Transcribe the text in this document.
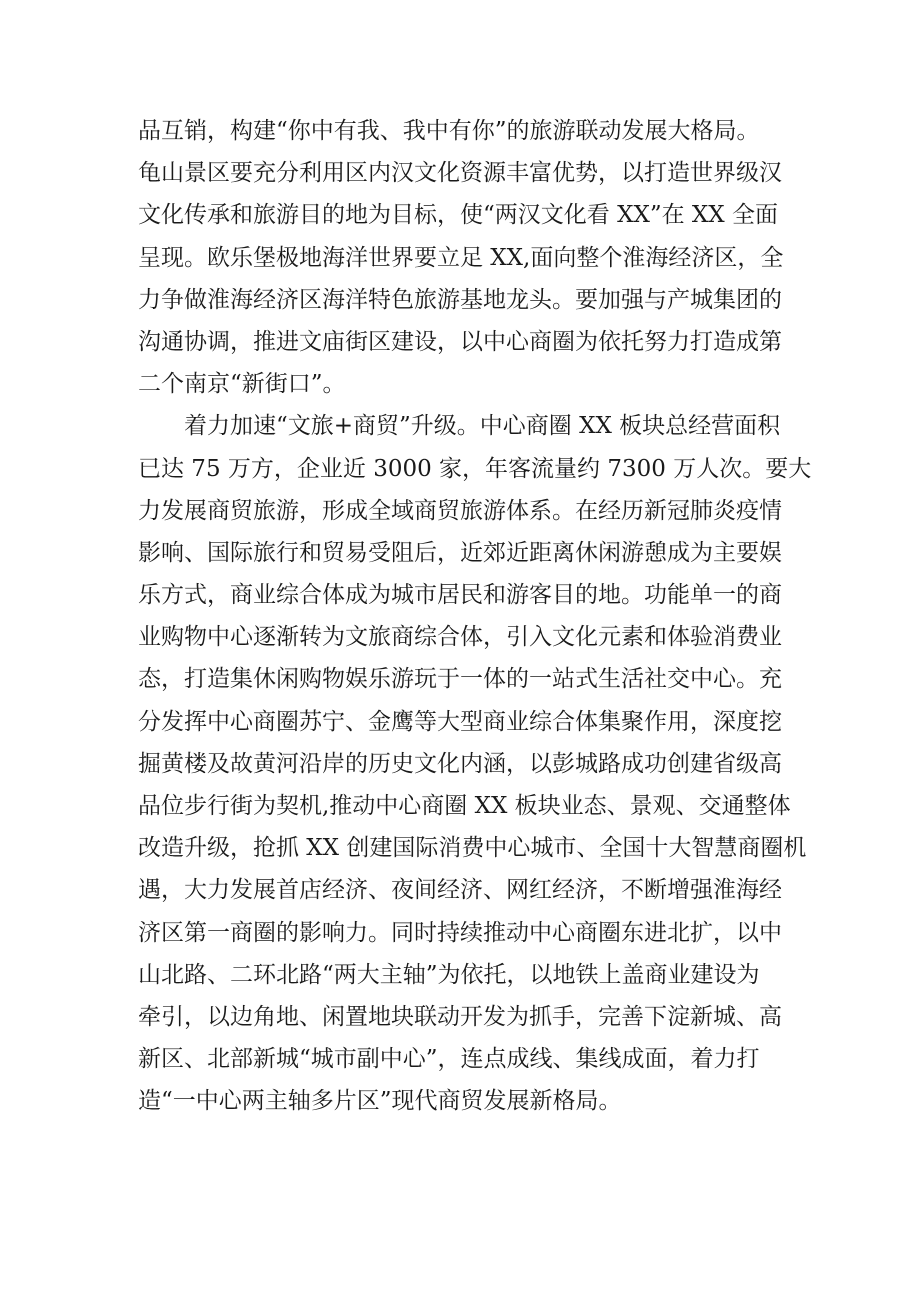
品互销，构建“你中有我、我中有你”的旅游联动发展大格局。
龟山景区要充分利用区内汉文化资源丰富优势，以打造世界级汉
文化传承和旅游目的地为目标，使“两汉文化看 XX”在 XX 全面
呈现。欧乐堡极地海洋世界要立足 XX,面向整个淮海经济区，全
力争做淮海经济区海洋特色旅游基地龙头。要加强与产城集团的
沟通协调，推进文庙街区建设，以中心商圈为依托努力打造成第
二个南京“新街口”。
着力加速“文旅+商贸”升级。中心商圈 XX 板块总经营面积
已达 75 万方，企业近 3000 家，年客流量约 7300 万人次。要大
力发展商贸旅游，形成全域商贸旅游体系。在经历新冠肺炎疫情
影响、国际旅行和贸易受阻后，近郊近距离休闲游憩成为主要娱
乐方式，商业综合体成为城市居民和游客目的地。功能单一的商
业购物中心逐渐转为文旅商综合体，引入文化元素和体验消费业
态，打造集休闲购物娱乐游玩于一体的一站式生活社交中心。充
分发挥中心商圈苏宁、金鹰等大型商业综合体集聚作用，深度挖
掘黄楼及故黄河沿岸的历史文化内涵，以彭城路成功创建省级高
品位步行街为契机,推动中心商圈 XX 板块业态、景观、交通整体
改造升级，抢抓 XX 创建国际消费中心城市、全国十大智慧商圈机
遇，大力发展首店经济、夜间经济、网红经济，不断增强淮海经
济区第一商圈的影响力。同时持续推动中心商圈东进北扩，以中
山北路、二环北路“两大主轴”为依托，以地铁上盖商业建设为
牵引，以边角地、闲置地块联动开发为抓手，完善下淀新城、高
新区、北部新城“城市副中心”，连点成线、集线成面，着力打
造“一中心两主轴多片区”现代商贸发展新格局。
